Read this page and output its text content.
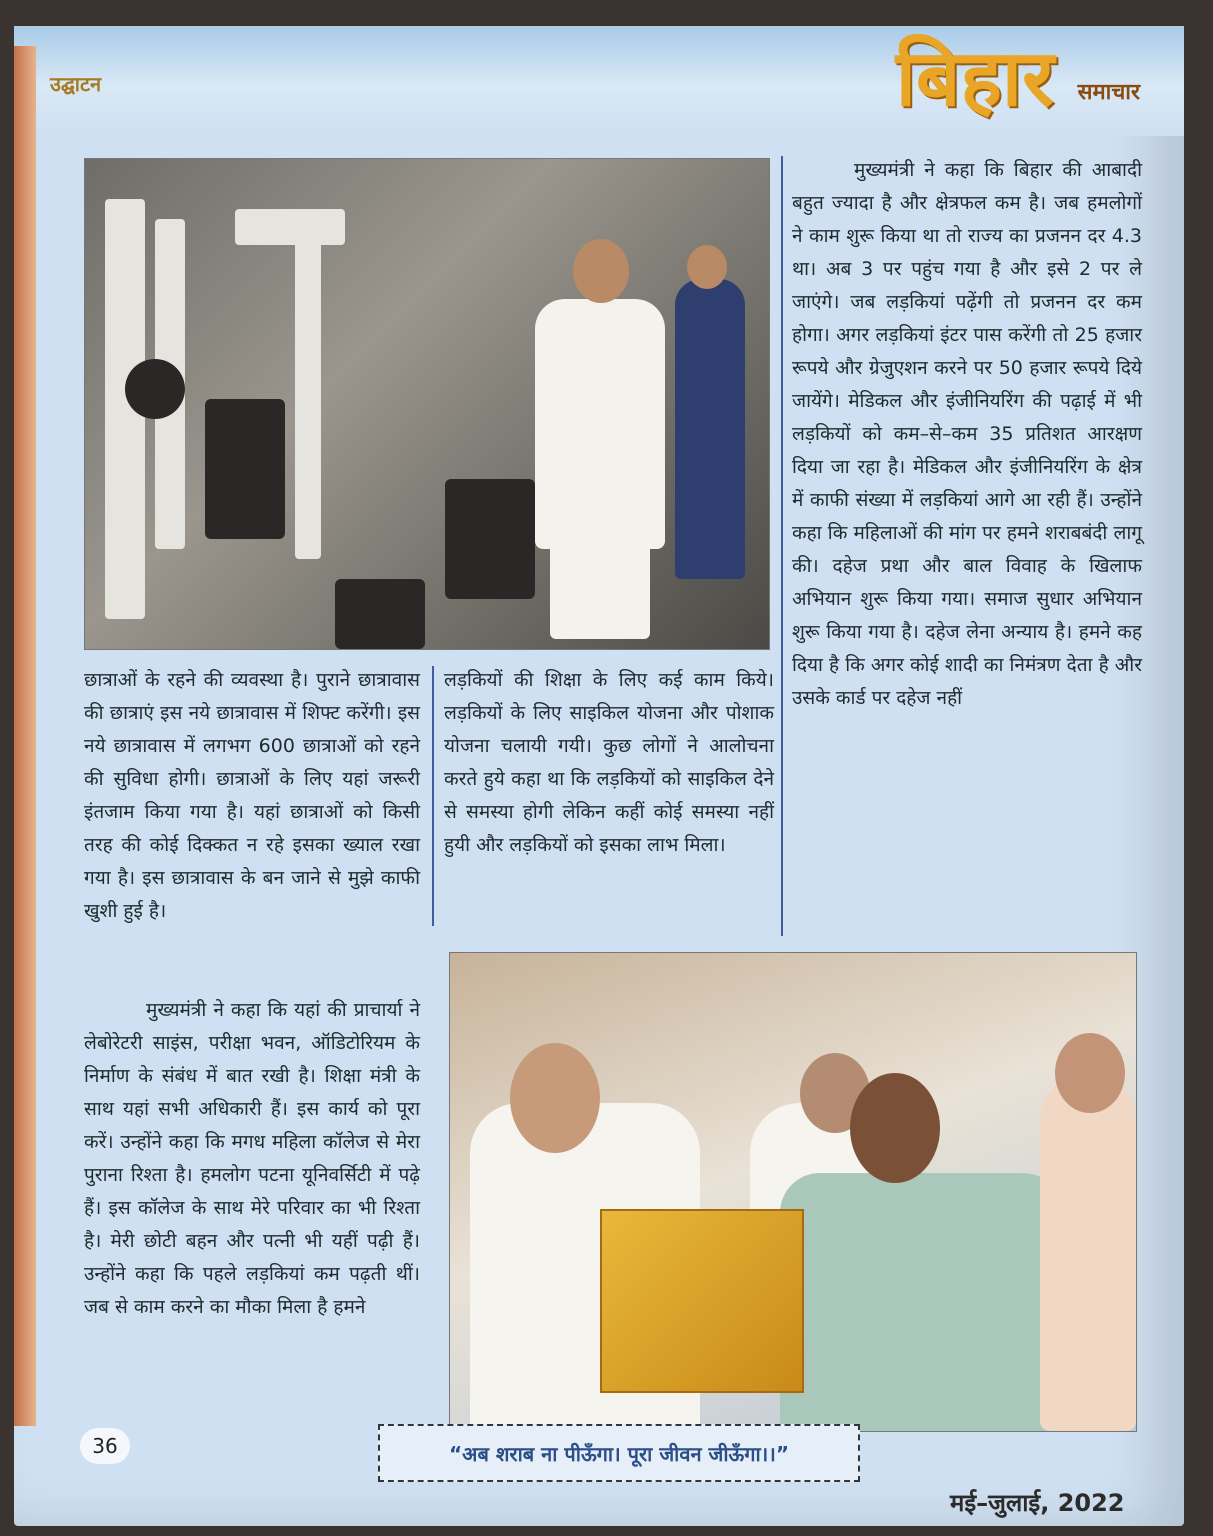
उद्घाटन	बिहार समाचार
मुख्यमंत्री ने कहा कि बिहार की आबादी बहुत ज्यादा है और क्षेत्रफल कम है। जब हमलोगों ने काम शुरू किया था तो राज्य का प्रजनन दर 4.3 था। अब 3 पर पहुंच गया है और इसे 2 पर ले जाएंगे। जब लड़कियां पढ़ेंगी तो प्रजनन दर कम होगा। अगर लड़कियां इंटर पास करेंगी तो 25 हजार रूपये और ग्रेजुएशन करने पर 50 हजार रूपये दिये जायेंगे। मेडिकल और इंजीनियरिंग की पढ़ाई में भी लड़कियों को कम–से–कम 35 प्रतिशत आरक्षण दिया जा रहा है। मेडिकल और इंजीनियरिंग के क्षेत्र में काफी संख्या में लड़कियां आगे आ रही हैं। उन्होंने कहा कि महिलाओं की मांग पर हमने शराबबंदी लागू की। दहेज प्रथा और बाल विवाह के खिलाफ अभियान शुरू किया गया। समाज सुधार अभियान शुरू किया गया है। दहेज लेना अन्याय है। हमने कह दिया है कि अगर कोई शादी का निमंत्रण देता है और उसके कार्ड पर दहेज नहीं
छात्राओं के रहने की व्यवस्था है। पुराने छात्रावास की छात्राएं इस नये छात्रावास में शिफ्ट करेंगी। इस नये छात्रावास में लगभग 600 छात्राओं को रहने की सुविधा होगी। छात्राओं के लिए यहां जरूरी इंतजाम किया गया है। यहां छात्राओं को किसी तरह की कोई दिक्कत न रहे इसका ख्याल रखा गया है। इस छात्रावास के बन जाने से मुझे काफी खुशी हुई है।
मुख्यमंत्री ने कहा कि यहां की प्राचार्या ने लेबोरेटरी साइंस, परीक्षा भवन, ऑडिटोरियम के निर्माण के संबंध में बात रखी है। शिक्षा मंत्री के साथ यहां सभी अधिकारी हैं। इस कार्य को पूरा करें। उन्होंने कहा कि मगध महिला कॉलेज से मेरा पुराना रिश्ता है। हमलोग पटना यूनिवर्सिटी में पढ़े हैं। इस कॉलेज के साथ मेरे परिवार का भी रिश्ता है। मेरी छोटी बहन और पत्नी भी यहीं पढ़ी हैं। उन्होंने कहा कि पहले लड़कियां कम पढ़ती थीं। जब से काम करने का मौका मिला है हमने
लड़कियों की शिक्षा के लिए कई काम किये। लड़कियों के लिए साइकिल योजना और पोशाक योजना चलायी गयी। कुछ लोगों ने आलोचना करते हुये कहा था कि लड़कियों को साइकिल देने से समस्या होगी लेकिन कहीं कोई समस्या नहीं हुयी और लड़कियों को इसका लाभ मिला।
36	“अब शराब ना पीऊँगा। पूरा जीवन जीऊँगा।।”
मई–जुलाई, 2022
